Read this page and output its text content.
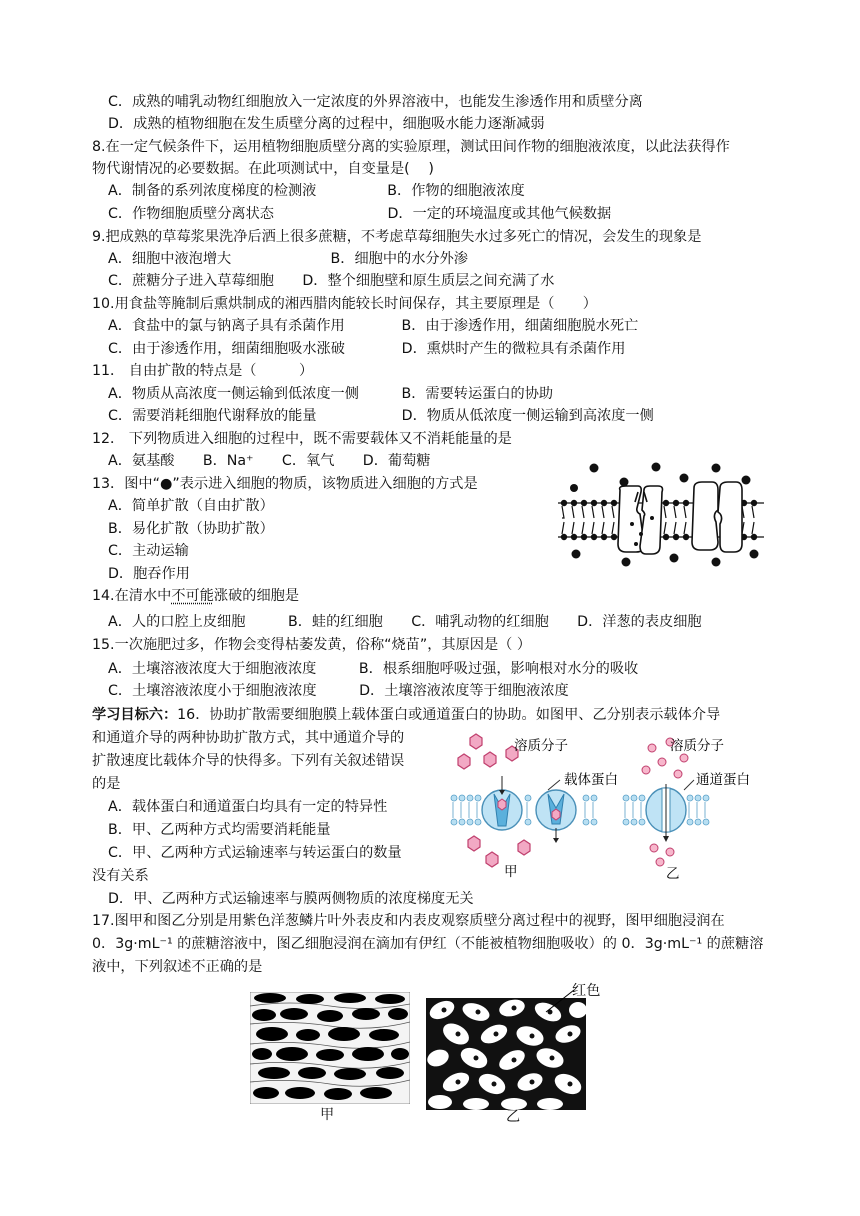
C．成熟的哺乳动物红细胞放入一定浓度的外界溶液中，也能发生渗透作用和质壁分离
D．成熟的植物细胞在发生质壁分离的过程中，细胞吸水能力逐渐减弱
8.在一定气候条件下，运用植物细胞质壁分离的实验原理，测试田间作物的细胞液浓度，以此法获得作
物代谢情况的必要数据。在此项测试中，自变量是(　 )
A．制备的系列浓度梯度的检测液　　　　　B．作物的细胞液浓度
C．作物细胞质壁分离状态　　　　　　　　D．一定的环境温度或其他气候数据
9.把成熟的草莓浆果洗净后洒上很多蔗糖，不考虑草莓细胞失水过多死亡的情况，会发生的现象是
A．细胞中液泡增大　　　　　　　B．细胞中的水分外渗
C．蔗糖分子进入草莓细胞　　D．整个细胞壁和原生质层之间充满了水
10.用食盐等腌制后熏烘制成的湘西腊肉能较长时间保存，其主要原理是（　　）
A．食盐中的氯与钠离子具有杀菌作用　　　　B．由于渗透作用，细菌细胞脱水死亡
C．由于渗透作用，细菌细胞吸水涨破　　　　D．熏烘时产生的微粒具有杀菌作用
11． 自由扩散的特点是（　　　）
A．物质从高浓度一侧运输到低浓度一侧　　　B．需要转运蛋白的协助
C．需要消耗细胞代谢释放的能量　　　　　　D．物质从低浓度一侧运输到高浓度一侧
12． 下列物质进入细胞的过程中，既不需要载体又不消耗能量的是
A．氨基酸　　B．Na⁺　　C．氧气　　D．葡萄糖
13．图中“●”表示进入细胞的物质，该物质进入细胞的方式是
A．简单扩散（自由扩散）
B．易化扩散（协助扩散）
C．主动运输
D．胞吞作用
14.在清水中不可能涨破的细胞是
A．人的口腔上皮细胞　　　B．蛙的红细胞　　C．哺乳动物的红细胞　　D．洋葱的表皮细胞
15.一次施肥过多，作物会变得枯萎发黄，俗称“烧苗”，其原因是（ ）
A．土壤溶液浓度大于细胞液浓度　　　B．根系细胞呼吸过强，影响根对水分的吸收
C．土壤溶液浓度小于细胞液浓度　　　D．土壤溶液浓度等于细胞液浓度
学习目标六：16．协助扩散需要细胞膜上载体蛋白或通道蛋白的协助。如图甲、乙分别表示载体介导
和通道介导的两种协助扩散方式，其中通道介导的
扩散速度比载体介导的快得多。下列有关叙述错误
的是
A．载体蛋白和通道蛋白均具有一定的特异性
B．甲、乙两种方式均需要消耗能量
C．甲、乙两种方式运输速率与转运蛋白的数量
没有关系
D．甲、乙两种方式运输速率与膜两侧物质的浓度梯度无关
溶质分子
载体蛋白
甲
溶质分子
通道蛋白
乙
17.图甲和图乙分别是用紫色洋葱鳞片叶外表皮和内表皮观察质壁分离过程中的视野，图甲细胞浸润在
0．3g·mL⁻¹ 的蔗糖溶液中，图乙细胞浸润在滴加有伊红（不能被植物细胞吸收）的 0．3g·mL⁻¹ 的蔗糖溶
液中，下列叙述不正确的是
甲
红色
乙
